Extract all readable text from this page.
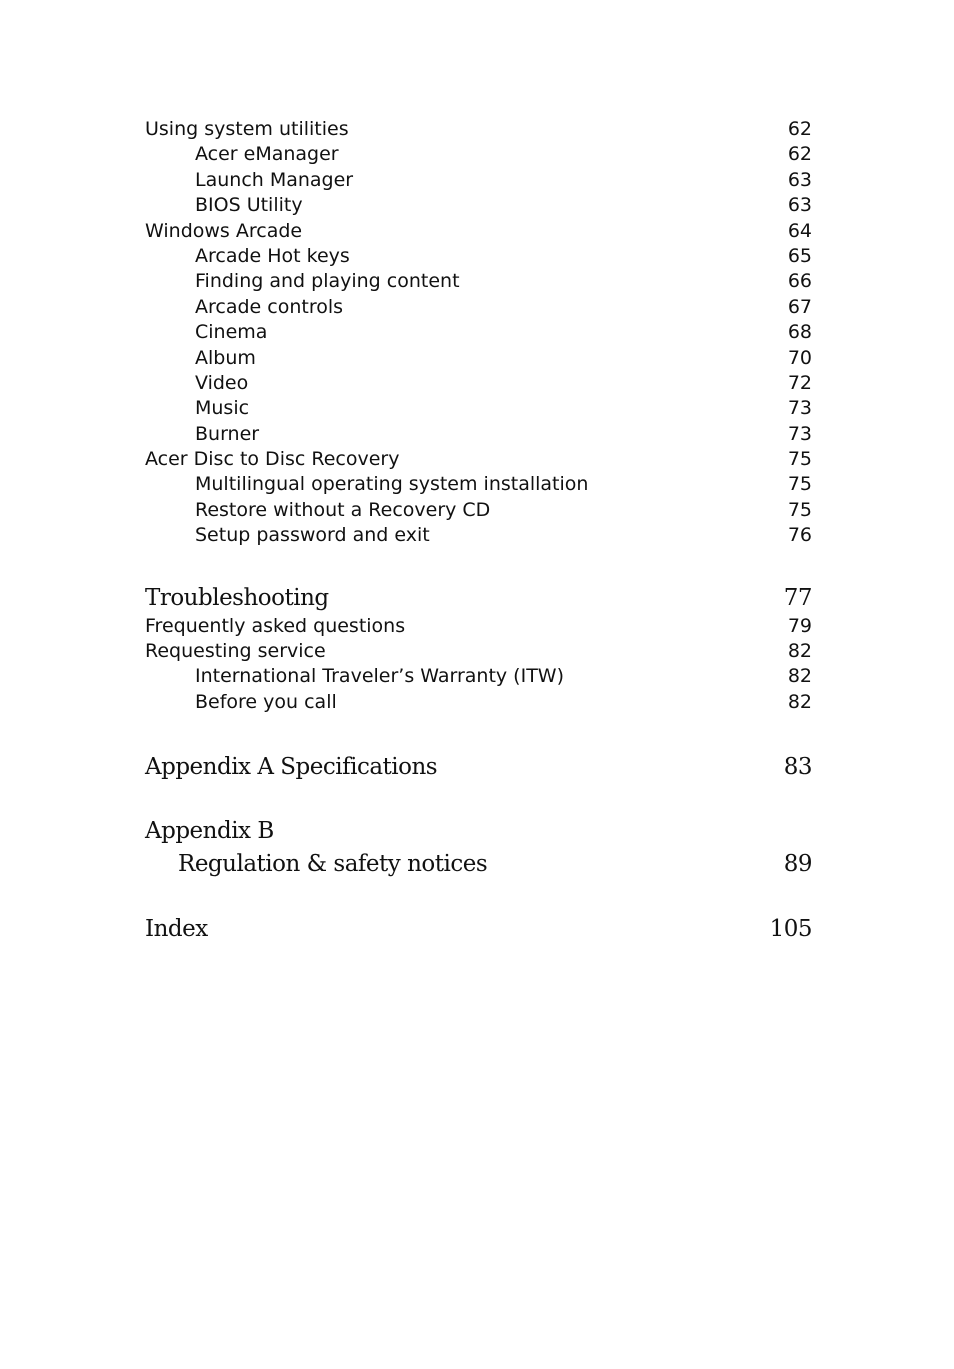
Using system utilities	62
Acer eManager	62
Launch Manager	63
BIOS Utility	63
Windows Arcade	64
Arcade Hot keys	65
Finding and playing content	66
Arcade controls	67
Cinema	68
Album	70
Video	72
Music	73
Burner	73
Acer Disc to Disc Recovery	75
Multilingual operating system installation	75
Restore without a Recovery CD	75
Setup password and exit	76
Troubleshooting	77
Frequently asked questions	79
Requesting service	82
International Traveler’s Warranty (ITW)	82
Before you call	82
Appendix A Specifications	83
Appendix B
Regulation & safety notices	89
Index	105
